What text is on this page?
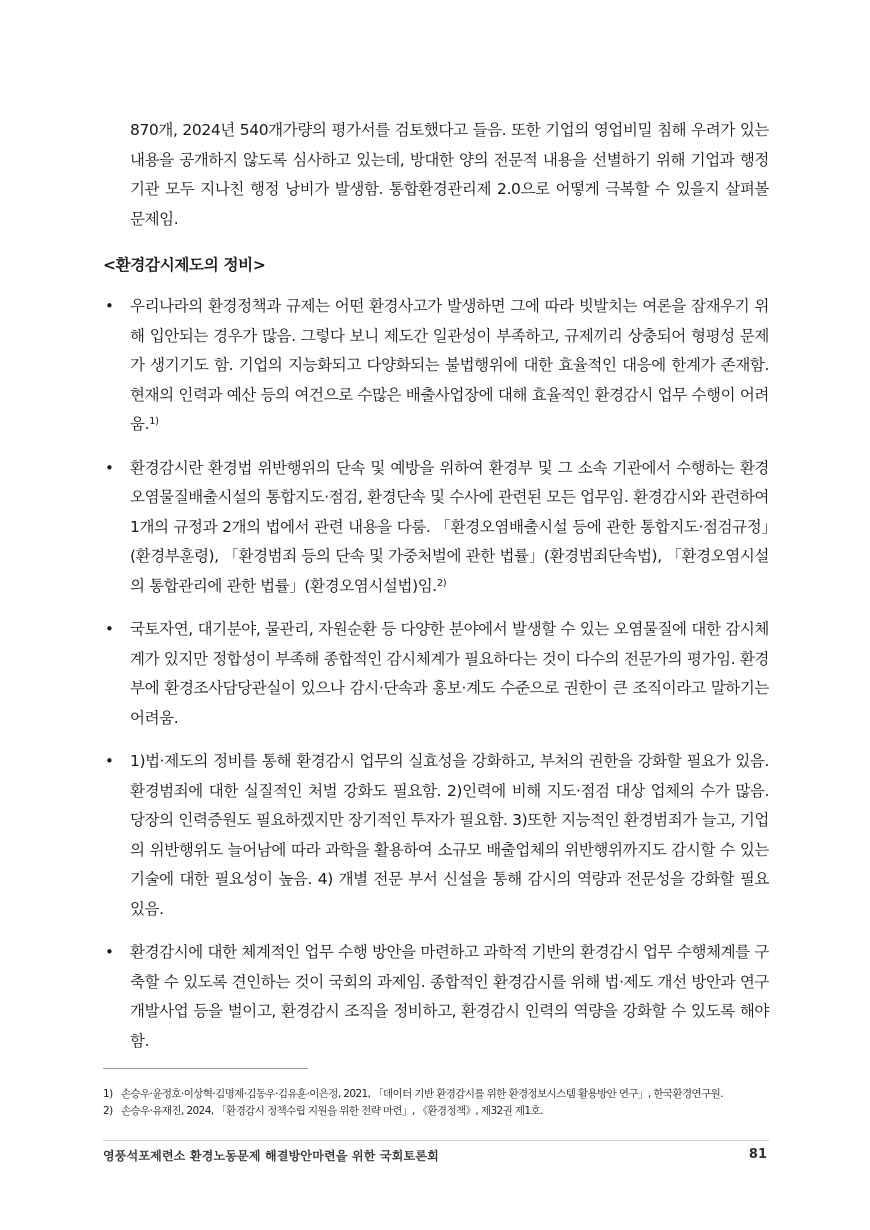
870개, 2024년 540개가량의 평가서를 검토했다고 들음. 또한 기업의 영업비밀 침해 우려가 있는 내용을 공개하지 않도록 심사하고 있는데, 방대한 양의 전문적 내용을 선별하기 위해 기업과 행정기관 모두 지나친 행정 낭비가 발생함. 통합환경관리제 2.0으로 어떻게 극복할 수 있을지 살펴볼 문제임.

<환경감시제도의 정비>
• 우리나라의 환경정책과 규제는 어떤 환경사고가 발생하면 그에 따라 빗발치는 여론을 잠재우기 위해 입안되는 경우가 많음. 그렇다 보니 제도간 일관성이 부족하고, 규제끼리 상충되어 형평성 문제가 생기기도 함. 기업의 지능화되고 다양화되는 불법행위에 대한 효율적인 대응에 한계가 존재함. 현재의 인력과 예산 등의 여건으로 수많은 배출사업장에 대해 효율적인 환경감시 업무 수행이 어려움.$^{1)}$
• 환경감시란 환경법 위반행위의 단속 및 예방을 위하여 환경부 및 그 소속 기관에서 수행하는 환경오염물질배출시설의 통합지도·점검, 환경단속 및 수사에 관련된 모든 업무임. 환경감시와 관련하여 1개의 규정과 2개의 법에서 관련 내용을 다룸. 「환경오염배출시설 등에 관한 통합지도·점검규정」(환경부훈령), 「환경범죄 등의 단속 및 가중처벌에 관한 법률」(환경범죄단속법), 「환경오염시설의 통합관리에 관한 법률」(환경오염시설법)임.$^{2)}$
• 국토자연, 대기분야, 물관리, 자원순환 등 다양한 분야에서 발생할 수 있는 오염물질에 대한 감시체계가 있지만 정합성이 부족해 종합적인 감시체계가 필요하다는 것이 다수의 전문가의 평가임. 환경부에 환경조사담당관실이 있으나 감시·단속과 홍보·계도 수준으로 권한이 큰 조직이라고 말하기는 어려움.
• 1)법·제도의 정비를 통해 환경감시 업무의 실효성을 강화하고, 부처의 권한을 강화할 필요가 있음. 환경범죄에 대한 실질적인 처벌 강화도 필요함. 2)인력에 비해 지도·점검 대상 업체의 수가 많음. 당장의 인력증원도 필요하겠지만 장기적인 투자가 필요함. 3)또한 지능적인 환경범죄가 늘고, 기업의 위반행위도 늘어남에 따라 과학을 활용하여 소규모 배출업체의 위반행위까지도 감시할 수 있는 기술에 대한 필요성이 높음. 4) 개별 전문 부서 신설을 통해 감시의 역량과 전문성을 강화할 필요 있음.
• 환경감시에 대한 체계적인 업무 수행 방안을 마련하고 과학적 기반의 환경감시 업무 수행체계를 구축할 수 있도록 견인하는 것이 국회의 과제임. 종합적인 환경감시를 위해 법·제도 개선 방안과 연구개발사업 등을 벌이고, 환경감시 조직을 정비하고, 환경감시 인력의 역량을 강화할 수 있도록 해야함.

1) 손승우·윤정호·이상혁·김명제·김동우·김유훈·이은정, 2021, 「데이터 기반 환경감시를 위한 환경정보시스템 활용방안 연구」, 한국환경연구원.

2) 손승우·유재진, 2024, 「환경감시 정책수립 지원을 위한 전략 마련」, 《환경정책》, 제32권 제1호.

영풍석포제련소 환경노동문제 해결방안마련을 위한 국회토론회	81
